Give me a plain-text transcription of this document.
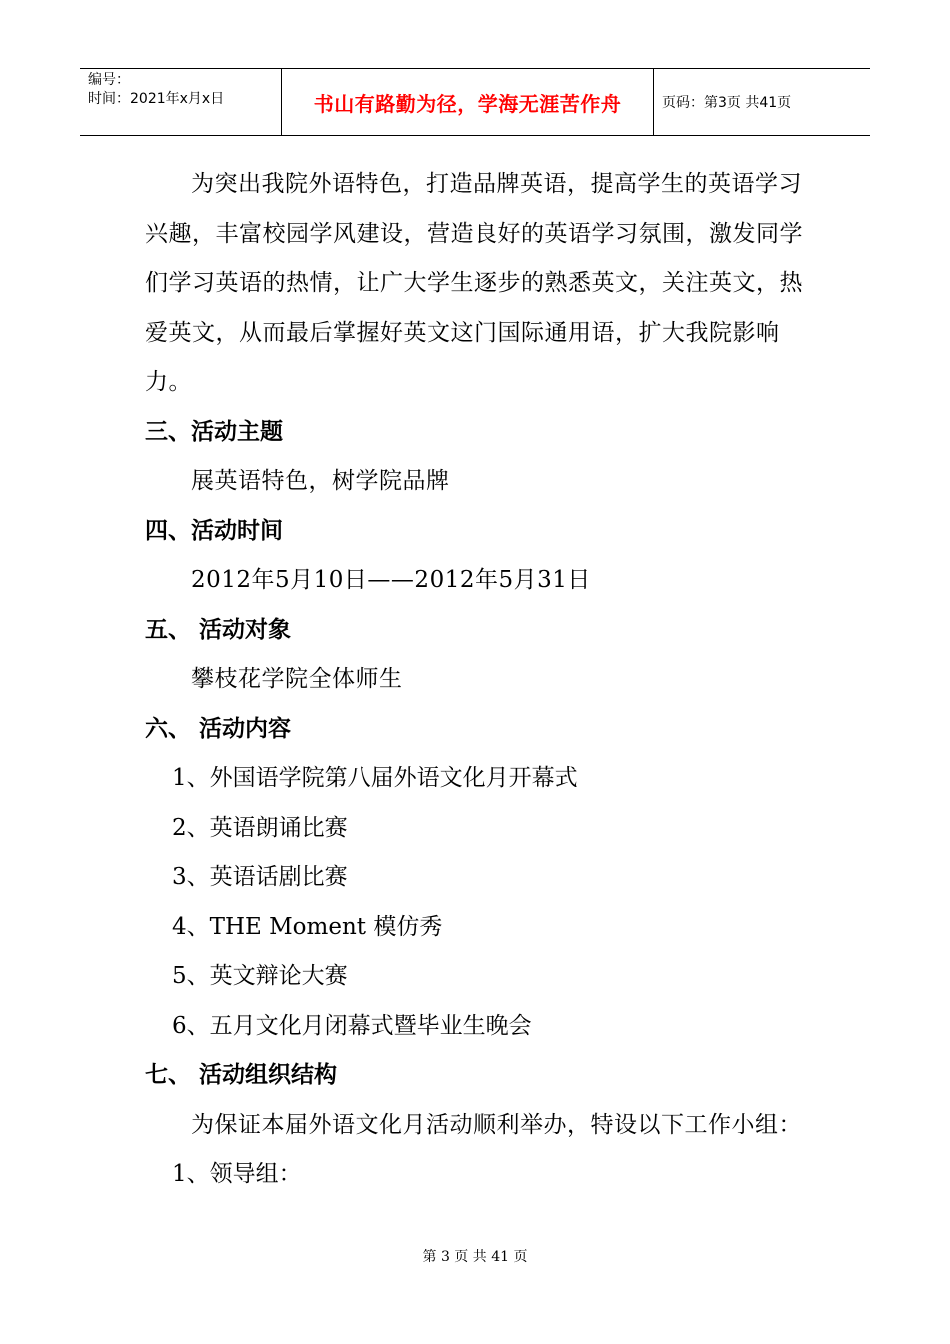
编号：
时间：2021年x月x日	书山有路勤为径，学海无涯苦作舟	页码：第3页 共41页

为突出我院外语特色，打造品牌英语，提高学生的英语学习兴趣，丰富校园学风建设，营造良好的英语学习氛围，激发同学们学习英语的热情，让广大学生逐步的熟悉英文，关注英文，热爱英文，从而最后掌握好英文这门国际通用语，扩大我院影响力。

三、活动主题

展英语特色，树学院品牌

四、活动时间

2012年5月10日——2012年5月31日

五、 活动对象

攀枝花学院全体师生

六、 活动内容

1、外国语学院第八届外语文化月开幕式

2、英语朗诵比赛

3、英语话剧比赛

4、THE Moment 模仿秀

5、英文辩论大赛

6、五月文化月闭幕式暨毕业生晚会

七、 活动组织结构

为保证本届外语文化月活动顺利举办，特设以下工作小组：

1、领导组：

第 3 页 共 41 页
